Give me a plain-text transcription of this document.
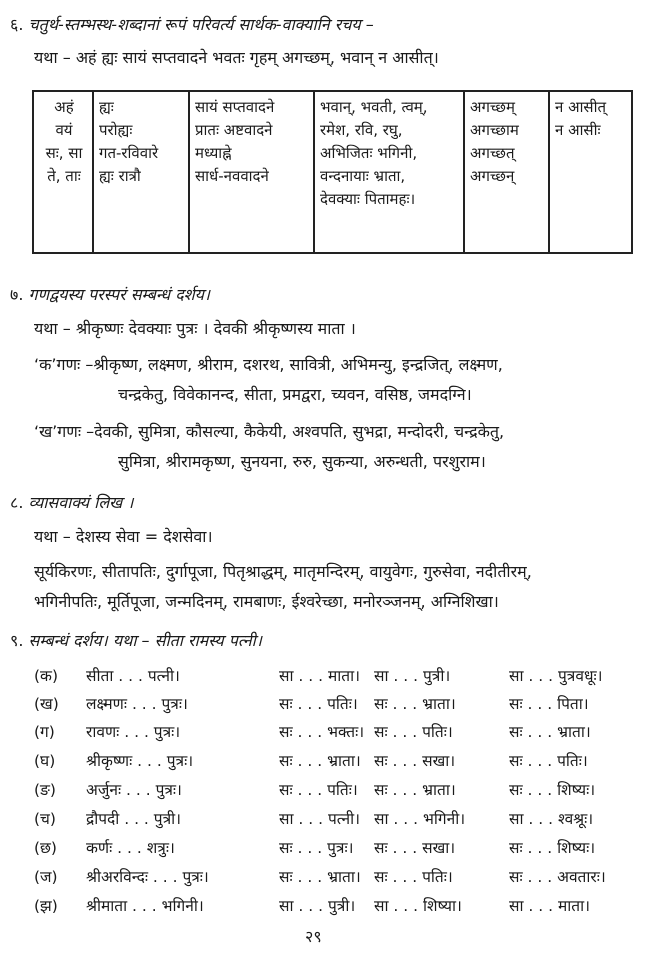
६. चतुर्थ-स्तम्भस्थ-शब्दानां रूपं परिवर्त्य सार्थक-वाक्यानि रचय –
यथा – अहं ह्यः सायं सप्तवादने भवतः गृहम् अगच्छम्, भवान् न आसीत्।
अहं
वयं
सः, सा
ते, ताः

ह्यः
परोह्यः
गत-रविवारे
ह्यः रात्रौ

सायं सप्तवादने
प्रातः अष्टवादने
मध्याह्ने
सार्ध-नववादने

भवान्, भवती, त्वम्,
रमेश, रवि, रघु,
अभिजितः भगिनी,
वन्दनायाः भ्राता,
देवक्याः पितामहः।

अगच्छम्
अगच्छाम
अगच्छत्
अगच्छन्

न आसीत्
न आसीः
७. गणद्वयस्य परस्परं सम्बन्धं दर्शय।
यथा – श्रीकृष्णः देवक्याः पुत्रः । देवकी श्रीकृष्णस्य माता ।
‘क’गणः –श्रीकृष्ण, लक्ष्मण, श्रीराम, दशरथ, सावित्री, अभिमन्यु, इन्द्रजित्, लक्ष्मण,
चन्द्रकेतु, विवेकानन्द, सीता, प्रमद्वरा, च्यवन, वसिष्ठ, जमदग्नि।
‘ख’गणः –देवकी, सुमित्रा, कौसल्या, कैकेयी, अश्वपति, सुभद्रा, मन्दोदरी, चन्द्रकेतु,
सुमित्रा, श्रीरामकृष्ण, सुनयना, रुरु, सुकन्या, अरुन्धती, परशुराम।
८. व्यासवाक्यं लिख ।
यथा – देशस्य सेवा = देशसेवा।
सूर्यकिरणः, सीतापतिः, दुर्गापूजा, पितृश्राद्धम्, मातृमन्दिरम्, वायुवेगः, गुरुसेवा, नदीतीरम्,
भगिनीपतिः, मूर्तिपूजा, जन्मदिनम्, रामबाणः, ईश्वरेच्छा, मनोरञ्जनम्, अग्निशिखा।
९. सम्बन्धं दर्शय। यथा – सीता रामस्य पत्नी।
(क) सीता . . . पत्नी।	सा . . . माता। सा . . . पुत्री।	सा . . . पुत्रवधूः।
(ख) लक्ष्मणः . . . पुत्रः।	सः . . . पतिः। सः . . . भ्राता।	सः . . . पिता।
(ग) रावणः . . . पुत्रः।	सः . . . भक्तः। सः . . . पतिः।	सः . . . भ्राता।
(घ) श्रीकृष्णः . . . पुत्रः।	सः . . . भ्राता। सः . . . सखा।	सः . . . पतिः।
(ङ) अर्जुनः . . . पुत्रः।	सः . . . पतिः। सः . . . भ्राता।	सः . . . शिष्यः।
(च) द्रौपदी . . . पुत्री।	सा . . . पत्नी। सा . . . भगिनी।	सा . . . श्वश्रूः।
(छ) कर्णः . . . शत्रुः।	सः . . . पुत्रः। सः . . . सखा।	सः . . . शिष्यः।
(ज) श्रीअरविन्दः . . . पुत्रः।	सः . . . भ्राता। सः . . . पतिः।	सः . . . अवतारः।
(झ) श्रीमाता . . . भगिनी।	सा . . . पुत्री। सा . . . शिष्या।	सा . . . माता।
२९
